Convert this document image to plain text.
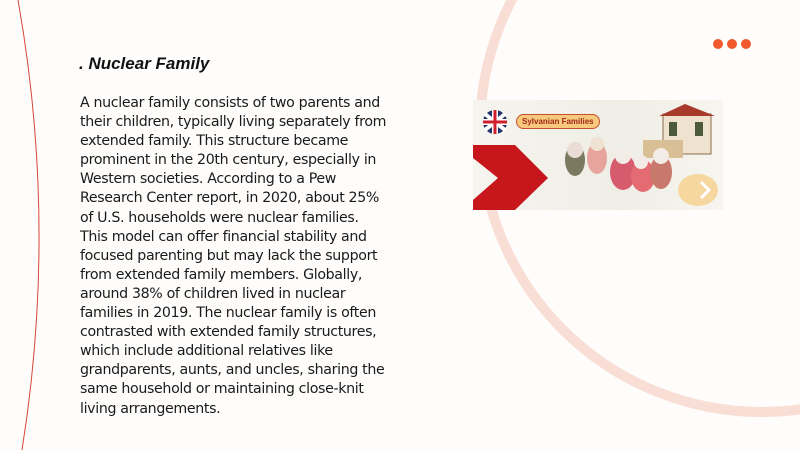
. Nuclear Family
A nuclear family consists of two parents and
their children, typically living separately from
extended family. This structure became
prominent in the 20th century, especially in
Western societies. According to a Pew
Research Center report, in 2020, about 25%
of U.S. households were nuclear families.
This model can offer financial stability and
focused parenting but may lack the support
from extended family members. Globally,
around 38% of children lived in nuclear
families in 2019. The nuclear family is often
contrasted with extended family structures,
which include additional relatives like
grandparents, aunts, and uncles, sharing the
same household or maintaining close-knit
living arrangements.
Sylvanian Families
